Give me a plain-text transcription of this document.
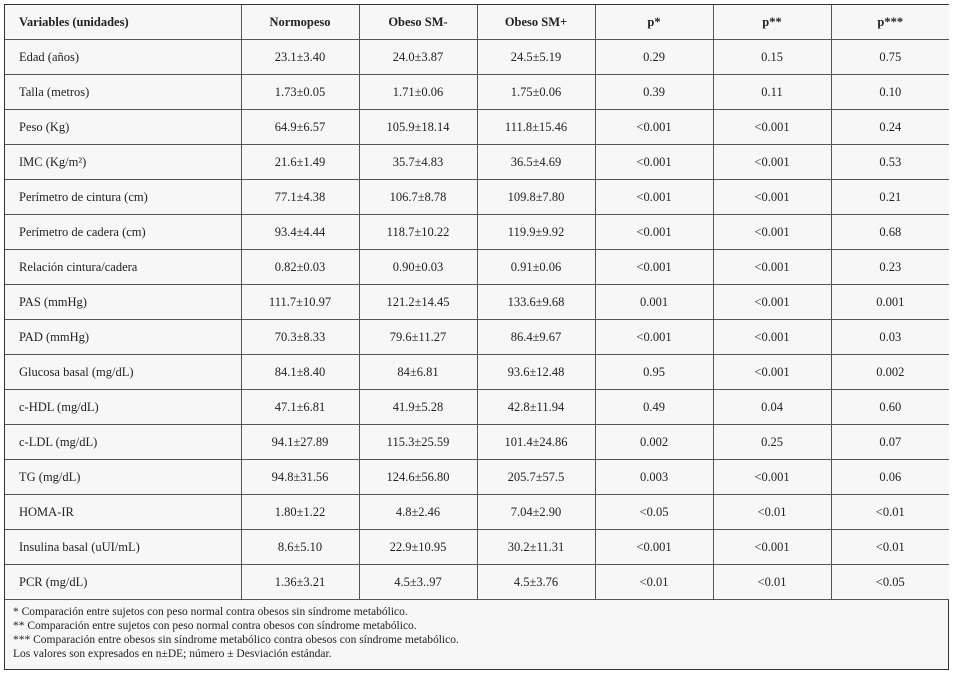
Variables (unidades)	Normopeso	Obeso SM-	Obeso SM+	p*	p**	p***
Edad (años)	23.1±3.40	24.0±3.87	24.5±5.19	0.29	0.15	0.75
Talla (metros)	1.73±0.05	1.71±0.06	1.75±0.06	0.39	0.11	0.10
Peso (Kg)	64.9±6.57	105.9±18.14	111.8±15.46	<0.001	<0.001	0.24
IMC (Kg/m²)	21.6±1.49	35.7±4.83	36.5±4.69	<0.001	<0.001	0.53
Perímetro de cintura (cm)	77.1±4.38	106.7±8.78	109.8±7.80	<0.001	<0.001	0.21
Perímetro de cadera (cm)	93.4±4.44	118.7±10.22	119.9±9.92	<0.001	<0.001	0.68
Relación cintura/cadera	0.82±0.03	0.90±0.03	0.91±0.06	<0.001	<0.001	0.23
PAS (mmHg)	111.7±10.97	121.2±14.45	133.6±9.68	0.001	<0.001	0.001
PAD (mmHg)	70.3±8.33	79.6±11.27	86.4±9.67	<0.001	<0.001	0.03
Glucosa basal (mg/dL)	84.1±8.40	84±6.81	93.6±12.48	0.95	<0.001	0.002
c-HDL (mg/dL)	47.1±6.81	41.9±5.28	42.8±11.94	0.49	0.04	0.60
c-LDL (mg/dL)	94.1±27.89	115.3±25.59	101.4±24.86	0.002	0.25	0.07
TG (mg/dL)	94.8±31.56	124.6±56.80	205.7±57.5	0.003	<0.001	0.06
HOMA-IR	1.80±1.22	4.8±2.46	7.04±2.90	<0.05	<0.01	<0.01
Insulina basal (uUI/mL)	8.6±5.10	22.9±10.95	30.2±11.31	<0.001	<0.001	<0.01
PCR (mg/dL)	1.36±3.21	4.5±3..97	4.5±3.76	<0.01	<0.01	<0.05
* Comparación entre sujetos con peso normal contra obesos sin síndrome metabólico.
** Comparación entre sujetos con peso normal contra obesos con síndrome metabólico.
*** Comparación entre obesos sin síndrome metabólico contra obesos con síndrome metabólico.
Los valores son expresados en n±DE; número ± Desviación estándar.
